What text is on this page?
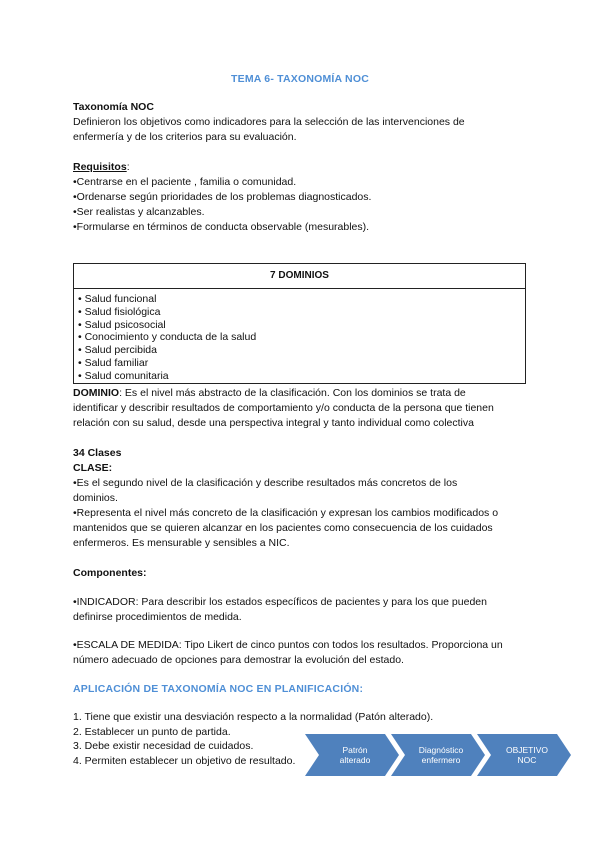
TEMA 6- TAXONOMÍA NOC
Taxonomía NOC
Definieron los objetivos como indicadores para la selección de las intervenciones de
enfermería y de los criterios para su evaluación.
Requisitos:
•Centrarse en el paciente , familia o comunidad.
•Ordenarse según prioridades de los problemas diagnosticados.
•Ser realistas y alcanzables.
•Formularse en términos de conducta observable (mesurables).
7 DOMINIOS
• Salud funcional
• Salud fisiológica
• Salud psicosocial
• Conocimiento y conducta de la salud
• Salud percibida
• Salud familiar
• Salud comunitaria
DOMINIO: Es el nivel más abstracto de la clasificación. Con los dominios se trata de
identificar y describir resultados de comportamiento y/o conducta de la persona que tienen
relación con su salud, desde una perspectiva integral y tanto individual como colectiva
34 Clases
CLASE:
•Es el segundo nivel de la clasificación y describe resultados más concretos de los
dominios.
•Representa el nivel más concreto de la clasificación y expresan los cambios modificados o
mantenidos que se quieren alcanzar en los pacientes como consecuencia de los cuidados
enfermeros. Es mensurable y sensibles a NIC.
Componentes:
•INDICADOR: Para describir los estados específicos de pacientes y para los que pueden
definirse procedimientos de medida.
•ESCALA DE MEDIDA: Tipo Likert de cinco puntos con todos los resultados. Proporciona un
número adecuado de opciones para demostrar la evolución del estado.
APLICACIÓN DE TAXONOMÍA NOC EN PLANIFICACIÓN:
1. Tiene que existir una desviación respecto a la normalidad (Patón alterado).
2. Establecer un punto de partida.
3. Debe existir necesidad de cuidados.
4. Permiten establecer un objetivo de resultado.
Patrón
alterado
Diagnóstico
enfermero
OBJETIVO
NOC
